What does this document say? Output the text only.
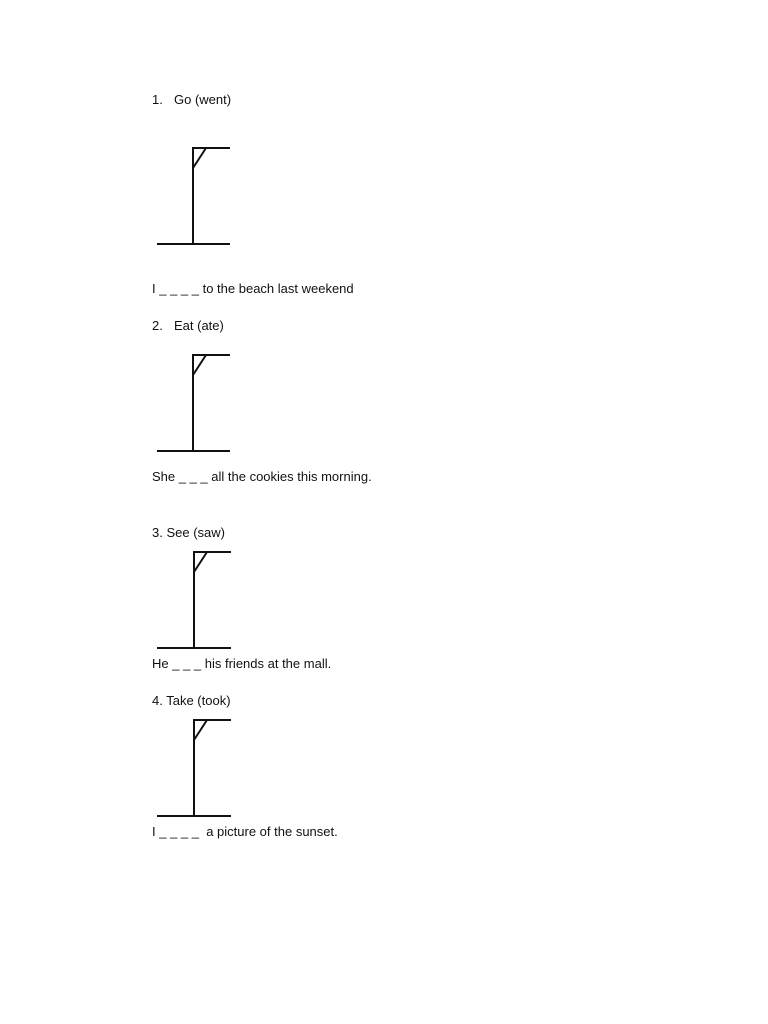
1. Go (went)
I _ _ _ _ to the beach last weekend
2. Eat (ate)
She _ _ _ all the cookies this morning.
3. See (saw)
He _ _ _ his friends at the mall.
4. Take (took)
I _ _ _ _  a picture of the sunset.
